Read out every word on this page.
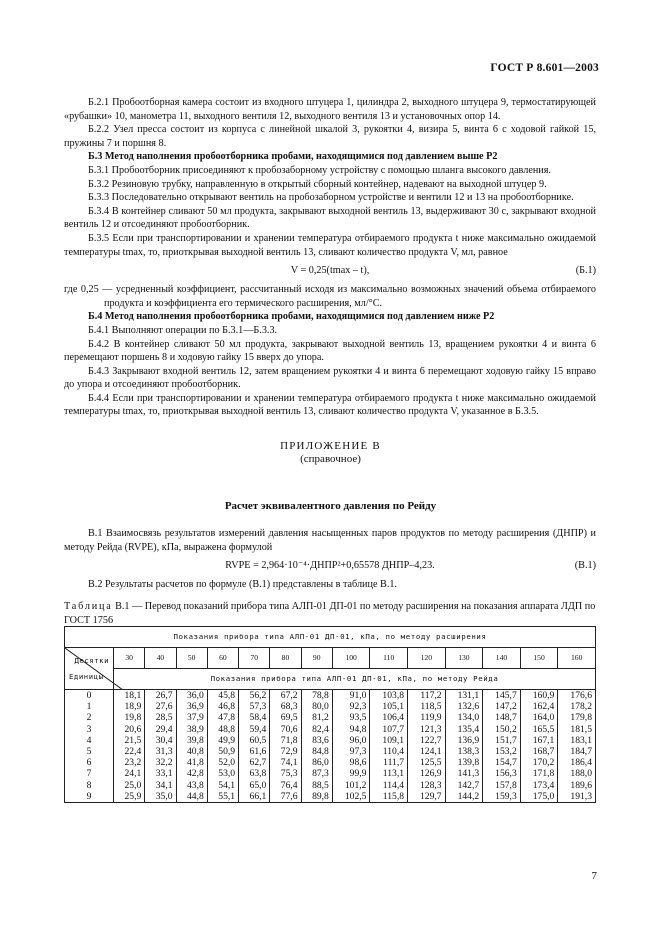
ГОСТ Р 8.601—2003

Б.2.1 Пробоотборная камера состоит из входного штуцера 1, цилиндра 2, выходного штуцера 9, термостатирующей «рубашки» 10, манометра 11, выходного вентиля 12, выходного вентиля 13 и установочных опор 14.

Б.2.2 Узел пресса состоит из корпуса с линейной шкалой 3, рукоятки 4, визира 5, винта 6 с ходовой гайкой 15, пружины 7 и поршня 8.

Б.3 Метод наполнения пробоотборника пробами, находящимися под давлением выше Р2

Б.3.1 Пробоотборник присоединяют к пробозаборному устройству с помощью шланга высокого давления.

Б.3.2 Резиновую трубку, направленную в открытый сборный контейнер, надевают на выходной штуцер 9.

Б.3.3 Последовательно открывают вентиль на пробозаборном устройстве и вентили 12 и 13 на пробоотборнике.

Б.3.4 В контейнер сливают 50 мл продукта, закрывают выходной вентиль 13, выдерживают 30 с, закрывают входной вентиль 12 и отсоединяют пробоотборник.

Б.3.5 Если при транспортировании и хранении температура отбираемого продукта t ниже максимально ожидаемой температуры tmax, то, приоткрывая выходной вентиль 13, сливают количество продукта V, мл, равное

V = 0,25(tmax – t),	(Б.1)

где 0,25 — усредненный коэффициент, рассчитанный исходя из максимально возможных значений объема отбираемого продукта и коэффициента его термического расширения, мл/°С.

Б.4 Метод наполнения пробоотборника пробами, находящимися под давлением ниже Р2

Б.4.1 Выполняют операции по Б.3.1—Б.3.3.

Б.4.2 В контейнер сливают 50 мл продукта, закрывают выходной вентиль 13, вращением рукоятки 4 и винта 6 перемещают поршень 8 и ходовую гайку 15 вверх до упора.

Б.4.3 Закрывают входной вентиль 12, затем вращением рукоятки 4 и винта 6 перемещают ходовую гайку 15 вправо до упора и отсоединяют пробоотборник.

Б.4.4 Если при транспортировании и хранении температура отбираемого продукта t ниже максимально ожидаемой температуры tmax, то, приоткрывая выходной вентиль 13, сливают количество продукта V, указанное в Б.3.5.

ПРИЛОЖЕНИЕ В
(справочное)
Расчет эквивалентного давления по Рейду

В.1 Взаимосвязь результатов измерений давления насыщенных паров продуктов по методу расширения (ДНПР) и методу Рейда (RVPE), кПа, выражена формулой

RVPE = 2,964·10⁻⁴·ДНПР²+0,65578 ДНПР–4,23.	(В.1)

В.2 Результаты расчетов по формуле (В.1) представлены в таблице В.1.

Таблица В.1 — Перевод показаний прибора типа АЛП-01 ДП-01 по методу расширения на показания аппарата ЛДП по ГОСТ 1756
Показания прибора типа АЛП-01 ДП-01, кПа, по методу расширения														

Десятки
Единицы	30	40	50	60	70	80	90	100	110	120	130	140	150	160
	Показания прибора типа АЛП-01 ДП-01, кПа, по методу Рейда													
0	18,1	26,7	36,0	45,8	56,2	67,2	78,8	91,0	103,8	117,2	131,1	145,7	160,9	176,6
1	18,9	27,6	36,9	46,8	57,3	68,3	80,0	92,3	105,1	118,5	132,6	147,2	162,4	178,2
2	19,8	28,5	37,9	47,8	58,4	69,5	81,2	93,5	106,4	119,9	134,0	148,7	164,0	179,8
3	20,6	29,4	38,9	48,8	59,4	70,6	82,4	94,8	107,7	121,3	135,4	150,2	165,5	181,5
4	21,5	30,4	39,8	49,9	60,5	71,8	83,6	96,0	109,1	122,7	136,9	151,7	167,1	183,1
5	22,4	31,3	40,8	50,9	61,6	72,9	84,8	97,3	110,4	124,1	138,3	153,2	168,7	184,7
6	23,2	32,2	41,8	52,0	62,7	74,1	86,0	98,6	111,7	125,5	139,8	154,7	170,2	186,4
7	24,1	33,1	42,8	53,0	63,8	75,3	87,3	99,9	113,1	126,9	141,3	156,3	171,8	188,0
8	25,0	34,1	43,8	54,1	65,0	76,4	88,5	101,2	114,4	128,3	142,7	157,8	173,4	189,6
9	25,9	35,0	44,8	55,1	66,1	77,6	89,8	102,5	115,8	129,7	144,2	159,3	175,0	191,3
7
